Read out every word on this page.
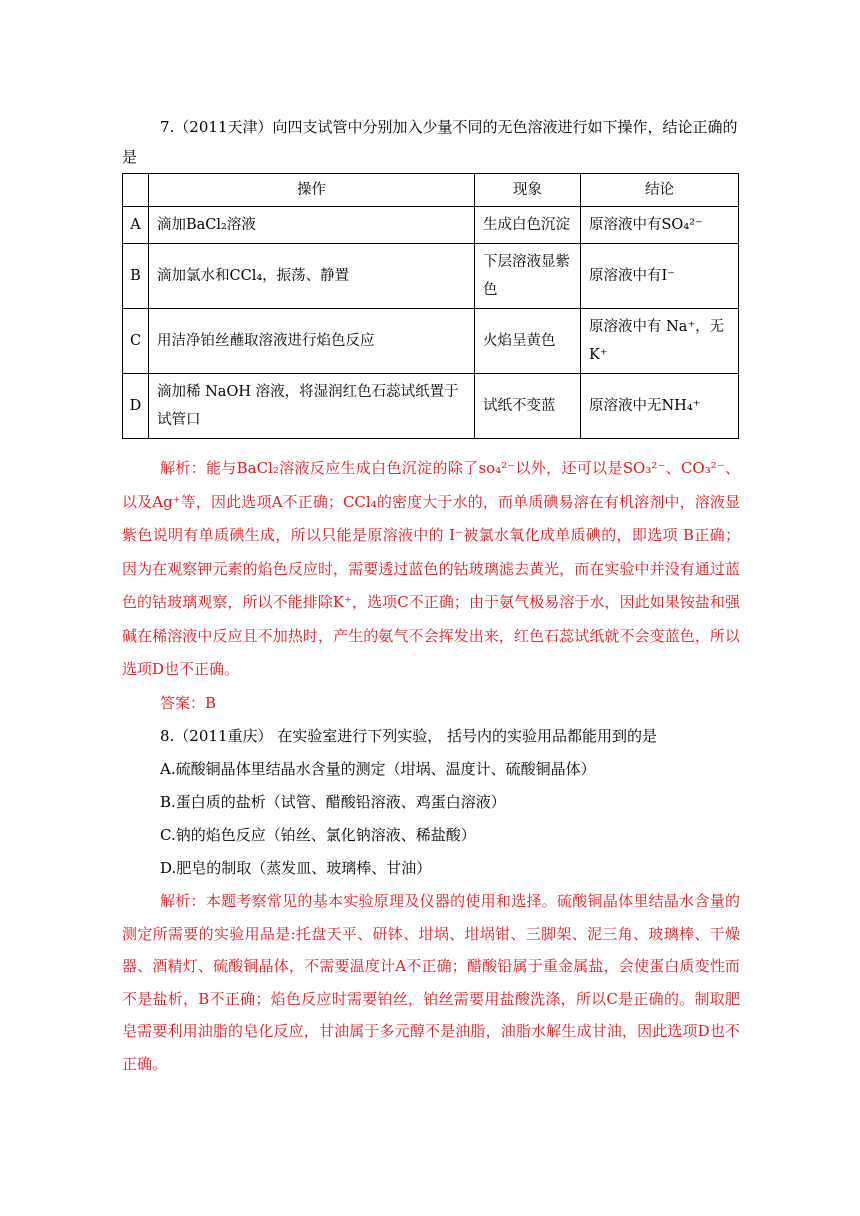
7.（2011天津）向四支试管中分别加入少量不同的无色溶液进行如下操作，结论正确的是
	操作	现象	结论
A	滴加BaCl₂溶液	生成白色沉淀	原溶液中有SO₄²⁻
B	滴加氯水和CCl₄，振荡、静置	下层溶液显紫色	原溶液中有I⁻
C	用洁净铂丝蘸取溶液进行焰色反应	火焰呈黄色	原溶液中有 Na⁺，无K⁺
D	滴加稀 NaOH 溶液，将湿润红色石蕊试纸置于试管口	试纸不变蓝	原溶液中无NH₄⁺
解析：能与BaCl₂溶液反应生成白色沉淀的除了so₄²⁻以外，还可以是SO₃²⁻、CO₃²⁻、以及Ag⁺等，因此选项A不正确；CCl₄的密度大于水的，而单质碘易溶在有机溶剂中，溶液显紫色说明有单质碘生成，所以只能是原溶液中的 I⁻被氯水氧化成单质碘的，即选项 B正确；因为在观察钾元素的焰色反应时，需要透过蓝色的钴玻璃滤去黄光，而在实验中并没有通过蓝色的钴玻璃观察，所以不能排除K⁺，选项C不正确；由于氨气极易溶于水，因此如果铵盐和强碱在稀溶液中反应且不加热时，产生的氨气不会挥发出来，红色石蕊试纸就不会变蓝色，所以选项D也不正确。
答案：B
8.（2011重庆） 在实验室进行下列实验， 括号内的实验用品都能用到的是
A.硫酸铜晶体里结晶水含量的测定（坩埚、温度计、硫酸铜晶体）
B.蛋白质的盐析（试管、醋酸铅溶液、鸡蛋白溶液）
C.钠的焰色反应（铂丝、氯化钠溶液、稀盐酸）
D.肥皂的制取（蒸发皿、玻璃棒、甘油）
解析：本题考察常见的基本实验原理及仪器的使用和选择。硫酸铜晶体里结晶水含量的测定所需要的实验用品是:托盘天平、研钵、坩埚、坩埚钳、三脚架、泥三角、玻璃棒、干燥器、酒精灯、硫酸铜晶体，不需要温度计A不正确；醋酸铅属于重金属盐，会使蛋白质变性而不是盐析，B不正确；焰色反应时需要铂丝，铂丝需要用盐酸洗涤，所以C是正确的。制取肥皂需要利用油脂的皂化反应，甘油属于多元醇不是油脂，油脂水解生成甘油，因此选项D也不正确。
